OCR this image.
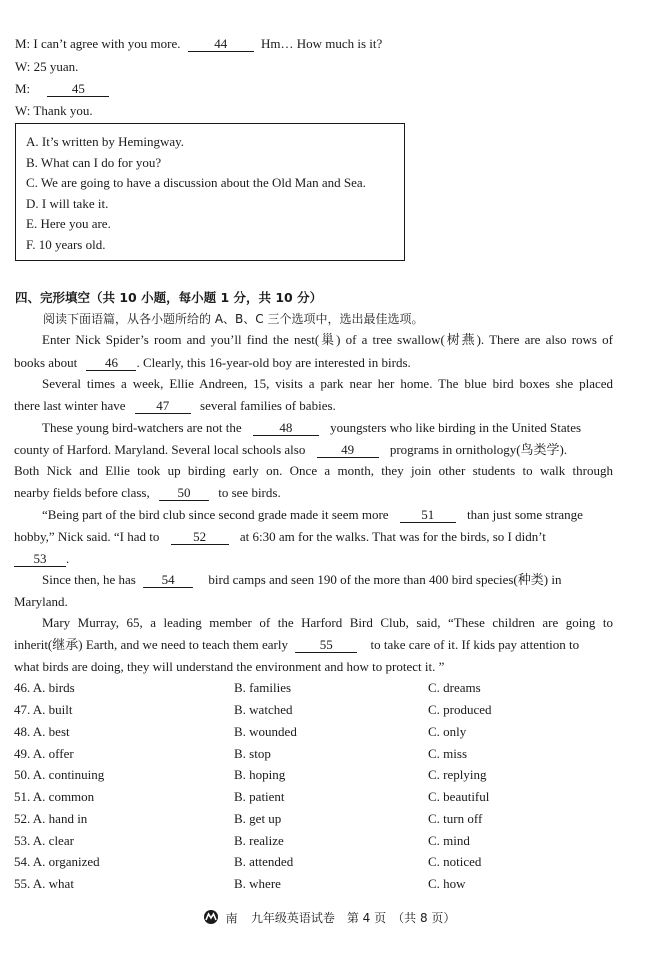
M: I can’t agree with you more.	44	Hm… How much is it?
W: 25 yuan.
M:	45
W: Thank you.
A. It’s written by Hemingway.
B. What can I do for you?
C. We are going to have a discussion about the Old Man and Sea.
D. I will take it.
E. Here you are.
F. 10 years old.
四、完形填空（共 10 小题，每小题 1 分，共 10 分）
阅读下面语篇，从各小题所给的 A、B、C 三个选项中，选出最佳选项。
Enter Nick Spider’s room and you’ll find the nest(巢) of a tree swallow(树燕). There are also rows of
books about 46 . Clearly, this 16-year-old boy are interested in birds.
Several times a week, Ellie Andreen, 15, visits a park near her home. The blue bird boxes she placed
there last winter have 47 several families of babies.
These young bird-watchers are not the	48	youngsters who like birding in the United States
county of Harford. Maryland. Several local schools also	49	programs in ornithology(鸟类学).
Both Nick and Ellie took up birding early on. Once a month, they join other students to walk through
nearby fields before class, 50 to see birds.
“Being part of the bird club since second grade made it seem more	51	than just some strange
hobby,” Nick said. “I had to	52	at 6:30 am for the walks. That was for the birds, so I didn’t
53 .
Since then, he has 54	bird camps and seen 190 of the more than 400 bird species(种类) in
Maryland.
Mary Murray, 65, a leading member of the Harford Bird Club, said, “These children are going to
inherit(继承) Earth, and we need to teach them early 55	to take care of it. If kids pay attention to
what birds are doing, they will understand the environment and how to protect it. ”
46. A. birds	B. families	C. dreams
47. A. built	B. watched	C. produced
48. A. best	B. wounded	C. only
49. A. offer	B. stop	C. miss
50. A. continuing	B. hoping	C. replying
51. A. common	B. patient	C. beautiful
52. A. hand in	B. get up	C. turn off
53. A. clear	B. realize	C. mind
54. A. organized	B. attended	C. noticed
55. A. what	B. where	C. how
南 九年级英语试卷　第 4 页　（共 8 页）
